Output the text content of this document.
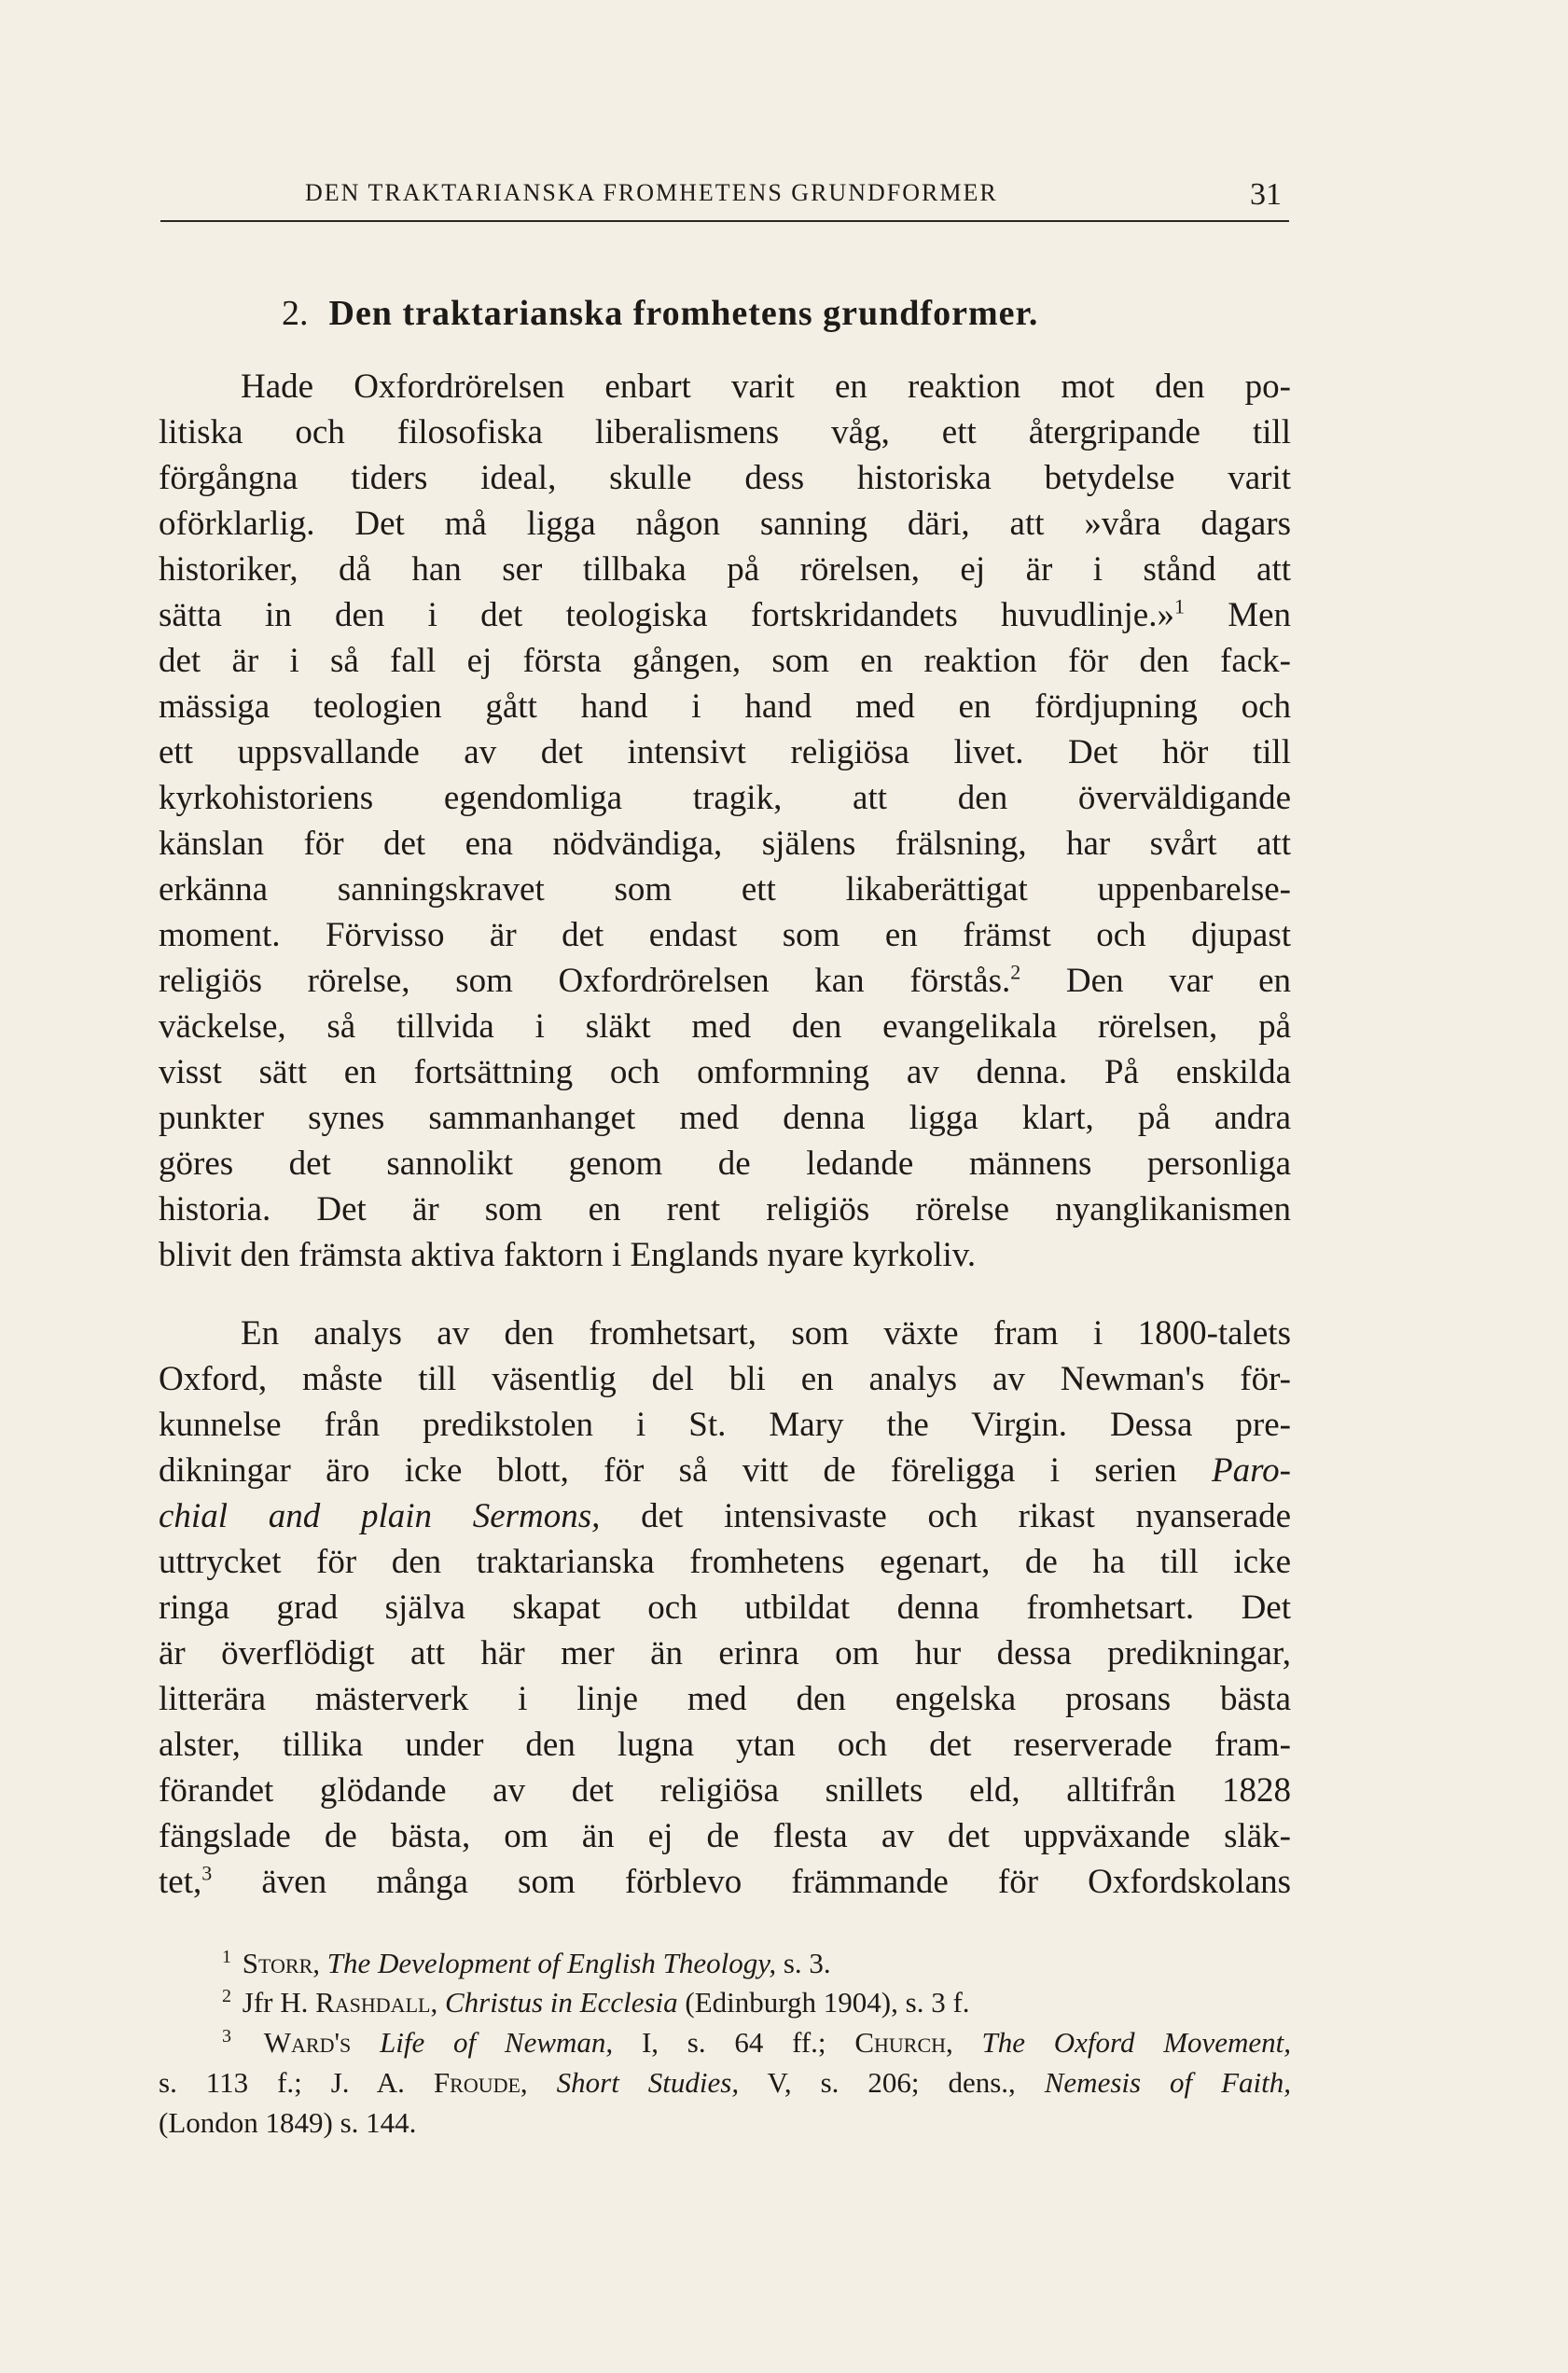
DEN TRAKTARIANSKA FROMHETENS GRUNDFORMER	31
2. Den traktarianska fromhetens grundformer.
Hade Oxfordrörelsen enbart varit en reaktion mot den po-
litiska och filosofiska liberalismens våg, ett återgripande till
förgångna tiders ideal, skulle dess historiska betydelse varit
oförklarlig. Det må ligga någon sanning däri, att »våra dagars
historiker, då han ser tillbaka på rörelsen, ej är i stånd att
sätta in den i det teologiska fortskridandets huvudlinje.»$^1$ Men
det är i så fall ej första gången, som en reaktion för den fack-
mässiga teologien gått hand i hand med en fördjupning och
ett uppsvallande av det intensivt religiösa livet. Det hör till
kyrkohistoriens egendomliga tragik, att den överväldigande
känslan för det ena nödvändiga, själens frälsning, har svårt att
erkänna sanningskravet som ett likaberättigat uppenbarelse-
moment. Förvisso är det endast som en främst och djupast
religiös rörelse, som Oxfordrörelsen kan förstås.$^2$ Den var en
väckelse, så tillvida i släkt med den evangelikala rörelsen, på
visst sätt en fortsättning och omformning av denna. På enskilda
punkter synes sammanhanget med denna ligga klart, på andra
göres det sannolikt genom de ledande männens personliga
historia. Det är som en rent religiös rörelse nyanglikanismen
blivit den främsta aktiva faktorn i Englands nyare kyrkoliv.
En analys av den fromhetsart, som växte fram i 1800-talets
Oxford, måste till väsentlig del bli en analys av Newman's för-
kunnelse från predikstolen i St. Mary the Virgin. Dessa pre-
dikningar äro icke blott, för så vitt de föreligga i serien Paro-
chial and plain Sermons, det intensivaste och rikast nyanserade
uttrycket för den traktarianska fromhetens egenart, de ha till icke
ringa grad själva skapat och utbildat denna fromhetsart. Det
är överflödigt att här mer än erinra om hur dessa predikningar,
litterära mästerverk i linje med den engelska prosans bästa
alster, tillika under den lugna ytan och det reserverade fram-
förandet glödande av det religiösa snillets eld, alltifrån 1828
fängslade de bästa, om än ej de flesta av det uppväxande släk-
tet,$^3$ även många som förblevo främmande för Oxfordskolans
$^1$ Storr, The Development of English Theology, s. 3.
$^2$ Jfr H. Rashdall, Christus in Ecclesia (Edinburgh 1904), s. 3 f.
$^3$ Ward's Life of Newman, I, s. 64 ff.; Church, The Oxford Movement,
s. 113 f.; J. A. Froude, Short Studies, V, s. 206; dens., Nemesis of Faith,
(London 1849) s. 144.
